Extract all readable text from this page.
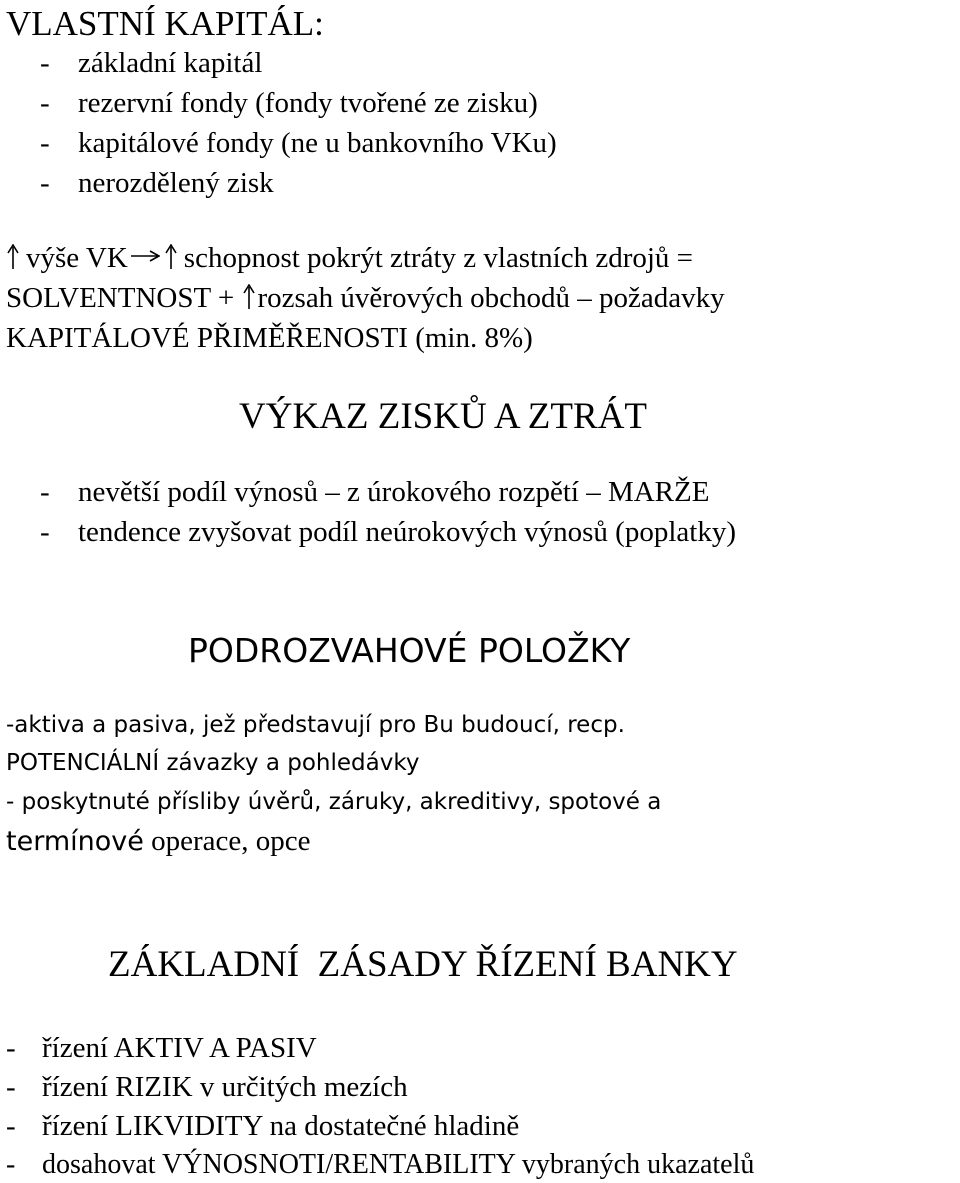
VLASTNÍ KAPITÁL:
- základní kapitál
- rezervní fondy (fondy tvořené ze zisku)
- kapitálové fondy (ne u bankovního VKu)
- nerozdělený zisk
výše VK schopnost pokrýt ztráty z vlastních zdrojů =
SOLVENTNOST + rozsah úvěrových obchodů – požadavky
KAPITÁLOVÉ PŘIMĚŘENOSTI (min. 8%)
VÝKAZ ZISKŮ A ZTRÁT
- nevětší podíl výnosů – z úrokového rozpětí – MARŽE
- tendence zvyšovat podíl neúrokových výnosů (poplatky)
PODROZVAHOVÉ POLOŽKY
-aktiva a pasiva, jež představují pro Bu budoucí, recp.
POTENCIÁLNÍ závazky a pohledávky
- poskytnuté přísliby úvěrů, záruky, akreditivy, spotové a
termínové operace, opce
ZÁKLADNÍ  ZÁSADY ŘÍZENÍ BANKY
- řízení AKTIV A PASIV
- řízení RIZIK v určitých mezích
- řízení LIKVIDITY na dostatečné hladině
- dosahovat VÝNOSNOTI/RENTABILITY vybraných ukazatelů
